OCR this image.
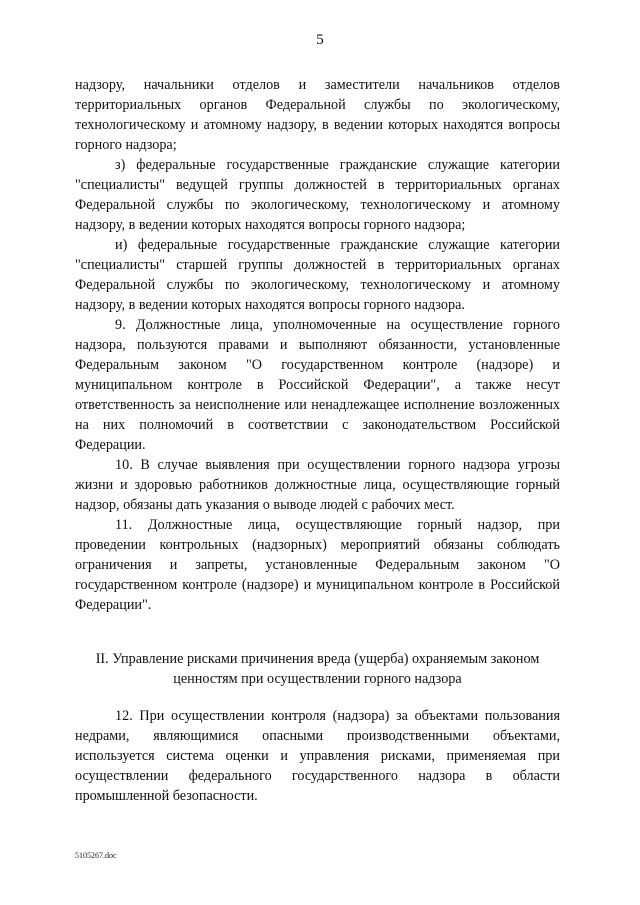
5

надзору, начальники отделов и заместители начальников отделов территориальных органов Федеральной службы по экологическому, технологическому и атомному надзору, в ведении которых находятся вопросы горного надзора;

з) федеральные государственные гражданские служащие категории "специалисты" ведущей группы должностей в территориальных органах Федеральной службы по экологическому, технологическому и атомному надзору, в ведении которых находятся вопросы горного надзора;

и) федеральные государственные гражданские служащие категории "специалисты" старшей группы должностей в территориальных органах Федеральной службы по экологическому, технологическому и атомному надзору, в ведении которых находятся вопросы горного надзора.

9. Должностные лица, уполномоченные на осуществление горного надзора, пользуются правами и выполняют обязанности, установленные Федеральным законом "О государственном контроле (надзоре) и муниципальном контроле в Российской Федерации", а также несут ответственность за неисполнение или ненадлежащее исполнение возложенных на них полномочий в соответствии с законодательством Российской Федерации.

10. В случае выявления при осуществлении горного надзора угрозы жизни и здоровью работников должностные лица, осуществляющие горный надзор, обязаны дать указания о выводе людей с рабочих мест.

11. Должностные лица, осуществляющие горный надзор, при проведении контрольных (надзорных) мероприятий обязаны соблюдать ограничения и запреты, установленные Федеральным законом "О государственном контроле (надзоре) и муниципальном контроле в Российской Федерации".

II. Управление рисками причинения вреда (ущерба) охраняемым законом
ценностям при осуществлении горного надзора

12. При осуществлении контроля (надзора) за объектами пользования недрами, являющимися опасными производственными объектами, используется система оценки и управления рисками, применяемая при осуществлении федерального государственного надзора в области промышленной безопасности.

5105267.doc
